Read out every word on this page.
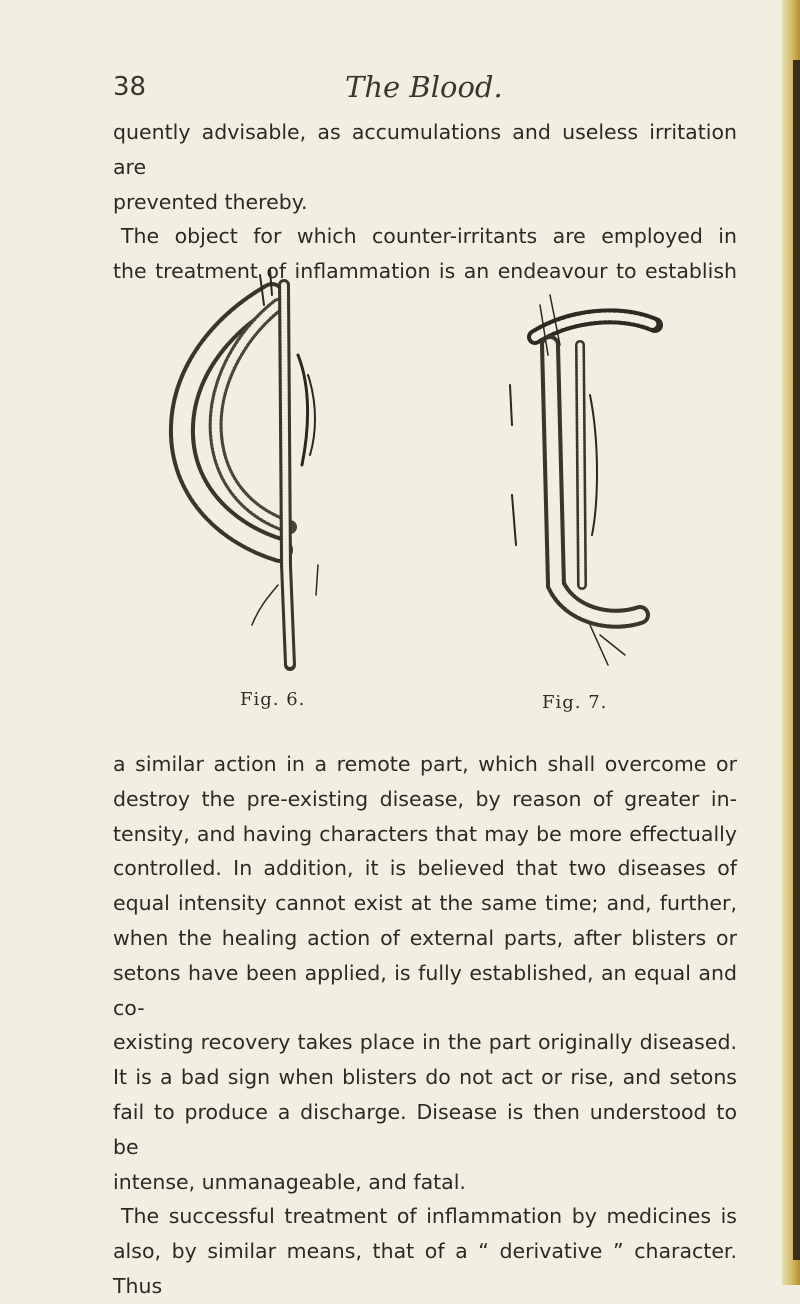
38	The Blood.

quently advisable, as accumulations and useless irritation are

prevented thereby.

The object for which counter-irritants are employed in

the treatment of inflammation is an endeavour to establish

Fig. 6.	Fig. 7.

a similar action in a remote part, which shall overcome or

destroy the pre-existing disease, by reason of greater in-

tensity, and having characters that may be more effectually

controlled. In addition, it is believed that two diseases of

equal intensity cannot exist at the same time; and, further,

when the healing action of external parts, after blisters or

setons have been applied, is fully established, an equal and co-

existing recovery takes place in the part originally diseased.

It is a bad sign when blisters do not act or rise, and setons

fail to produce a discharge. Disease is then understood to be

intense, unmanageable, and fatal.

The successful treatment of inflammation by medicines is

also, by similar means, that of a “ derivative ” character. Thus
